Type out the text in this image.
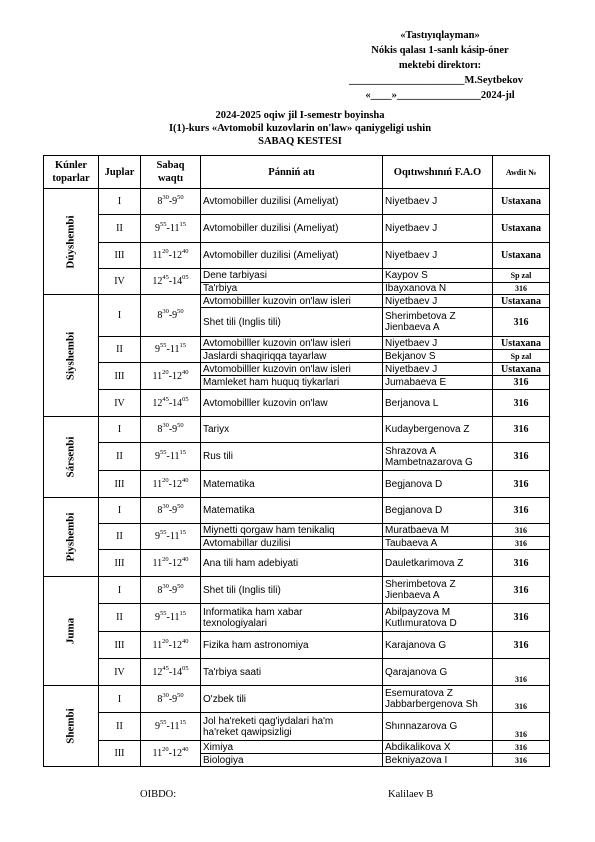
«Tastıyıqlayman»
Nókis qalası 1-sanlı kásip-óner
mektebi direktorı:
______________________M.Seytbekov
«____»________________2024-jıl
2024-2025 oqiw jil I-semestr boyinsha
I(1)-kurs «Avtomobil kuzovlarin on'law» qaniygeligi ushin
SABAQ KESTESI
Kúnler toparlar	Juplar	Sabaq waqtı	Pánniń atı	Oqıtıwshınıń F.A.O	Awdit №

Dúyshembi	I	$8^{30}-9^{50}$	Avtomobiller duzilisi (Ameliyat)	Niyetbaev J	Ustaxana
	II	$9^{55}-11^{15}$	Avtomobiller duzilisi (Ameliyat)	Niyetbaev J	Ustaxana
	III	$11^{20}-12^{40}$	Avtomobiller duzilisi (Ameliyat)	Niyetbaev J	Ustaxana
	IV	$12^{45}-14^{05}$	Dene tarbiyasi	Kaypov S	Sp zal

			Ta'rbiya	Ibayxanova N	316

Siyshembi	I	$8^{30}-9^{50}$	Avtomobilller kuzovin on'law isleri	Niyetbaev J	Ustaxana

			Shet tili (Inglis tili)	Sherimbetova Z
Jienbaeva A	316
	II	$9^{55}-11^{15}$	Avtomobilller kuzovin on'law isleri	Niyetbaev J	Ustaxana

			Jaslardi shaqiriqqa tayarlaw	Bekjanov S	Sp zal
	III	$11^{20}-12^{40}$	Avtomobilller kuzovin on'law isleri	Niyetbaev J	Ustaxana

			Mamleket ham huquq tiykarlari	Jumabaeva E	316
	IV	$12^{45}-14^{05}$	Avtomobilller kuzovin on'law	Berjanova L	316

Sársenbi	I	$8^{30}-9^{50}$	Tariyx	Kudaybergenova Z	316
	II	$9^{55}-11^{15}$	Rus tili	Shrazova A
Mambetnazarova G	316
	III	$11^{20}-12^{40}$	Matematika	Begjanova D	316

Piyshembi	I	$8^{30}-9^{50}$	Matematika	Begjanova D	316
	II	$9^{55}-11^{15}$	Miynetti qorgaw ham tenikaliq	Muratbaeva M	316

			Avtomabillar duzilisi	Taubaeva A	316
	III	$11^{20}-12^{40}$	Ana tili ham adebiyati	Dauletkarimova Z	316

Juma	I	$8^{30}-9^{50}$	Shet tili (Inglis tili)	Sherimbetova Z
Jienbaeva A	316
	II	$9^{55}-11^{15}$	Informatika ham xabar
texnologiyalari	Abilpayzova M
Kutlımuratova D	316
	III	$11^{20}-12^{40}$	Fizika ham astronomiya	Karajanova G	316
	IV	$12^{45}-14^{05}$	Ta'rbiya saati	Qarajanova G	316

Shembi	I	$8^{30}-9^{50}$	O'zbek tili	Esemuratova Z
Jabbarbergenova Sh	316
	II	$9^{55}-11^{15}$	Jol ha'reketi qag'iydalari ha'm
ha'reket qawipsizligi	Shınnazarova G	316
	III	$11^{20}-12^{40}$	Ximiya	Abdikalikova X	316

			Biologiya	Bekniyazova I	316
OIBDO:	Kalilaev B
